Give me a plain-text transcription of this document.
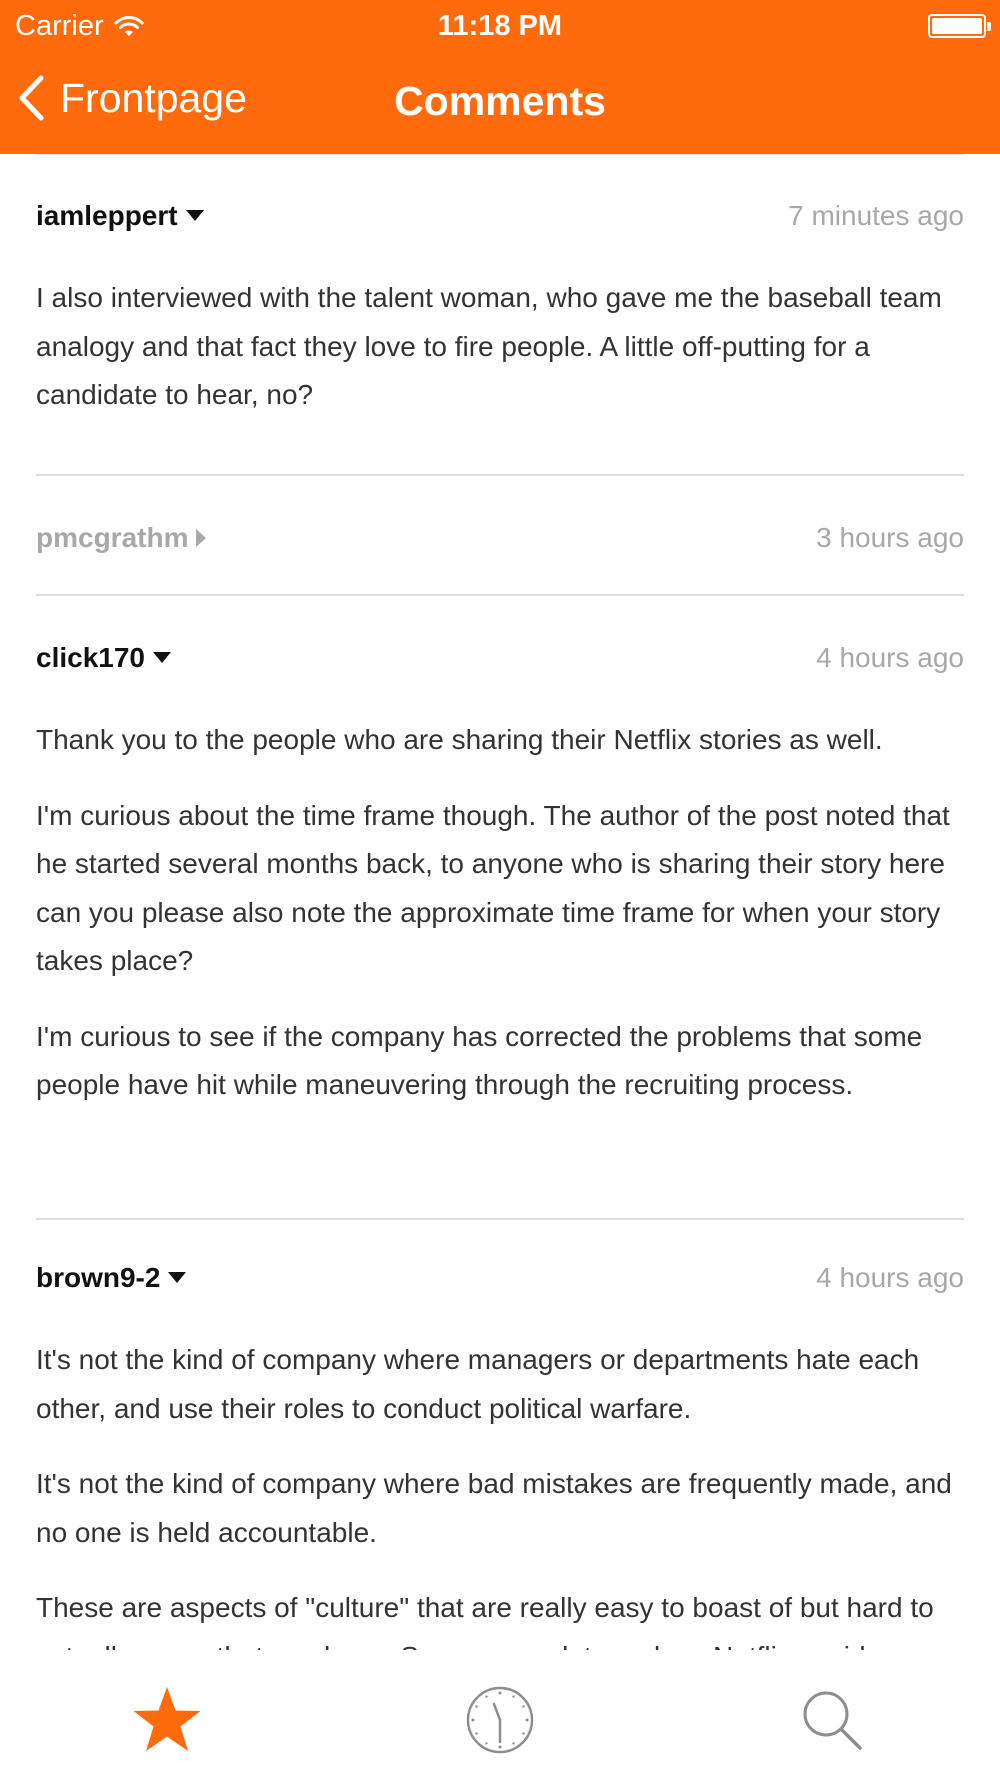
Carrier	11:18 PM
Frontpage	Comments
iamleppert	7 minutes ago

I also interviewed with the talent woman, who gave me the baseball team analogy and that fact they love to fire people. A little off-putting for a candidate to hear, no?

pmcgrathm	3 hours ago
click170	4 hours ago

Thank you to the people who are sharing their Netflix stories as well.

I'm curious about the time frame though. The author of the post noted that he started several months back, to anyone who is sharing their story here can you please also note the approximate time frame for when your story takes place?

I'm curious to see if the company has corrected the problems that some people have hit while maneuvering through the recruiting process.

brown9-2	4 hours ago

It's not the kind of company where managers or departments hate each other, and use their roles to conduct political warfare.

It's not the kind of company where bad mistakes are frequently made, and no one is held accountable.

These are aspects of "culture" that are really easy to boast of but hard to
